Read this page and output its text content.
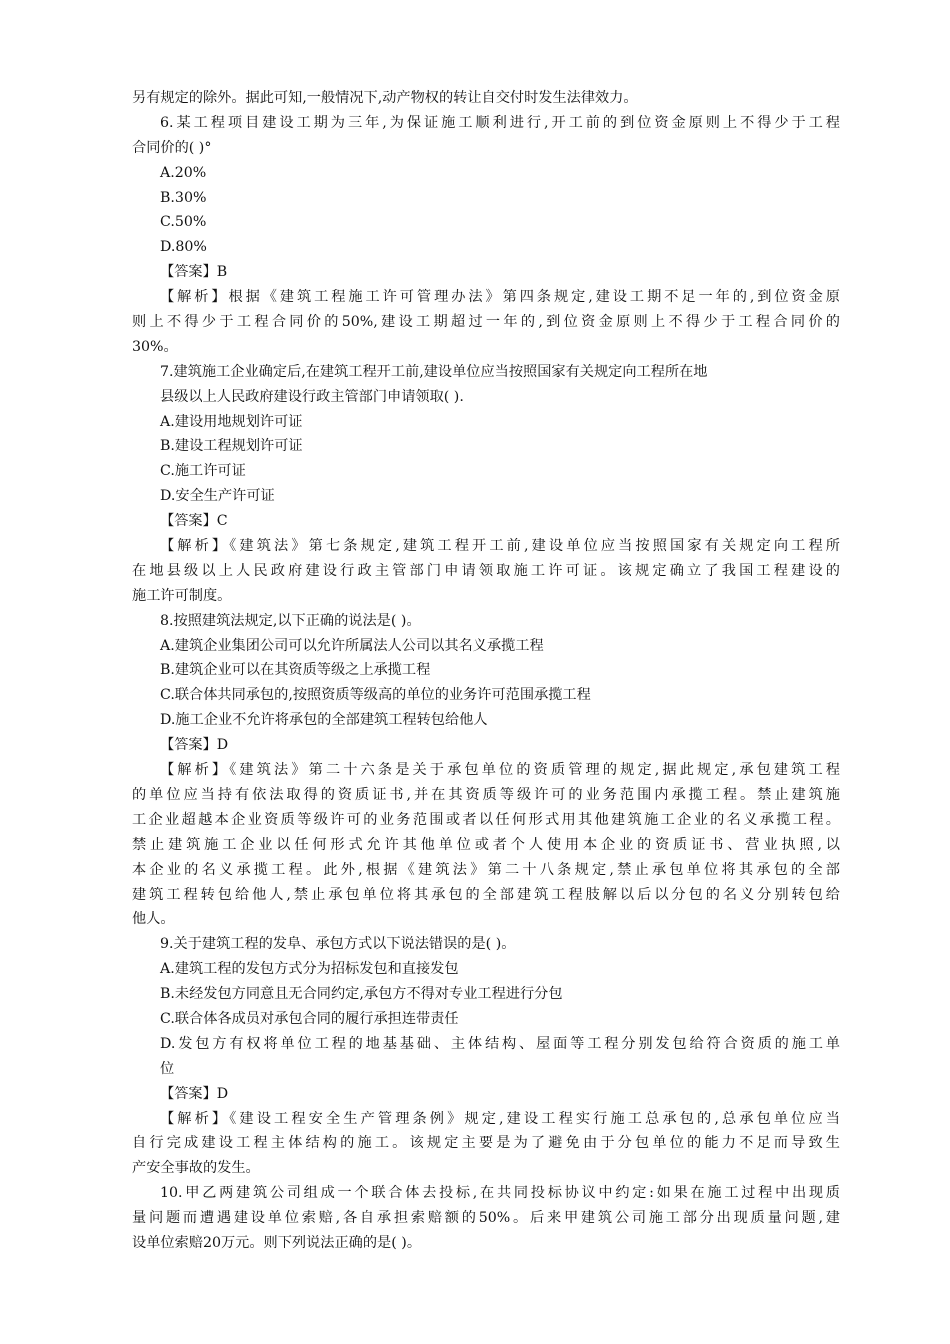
另有规定的除外。据此可知,一般情况下,动产物权的转让自交付时发生法律效力。
6.某工程项目建设工期为三年,为保证施工顺利进行,开工前的到位资金原则上不得少于工程
合同价的( )°
A.20%
B.30%
C.50%
D.80%
【答案】B
【解析】根据《建筑工程施工许可管理办法》第四条规定,建设工期不足一年的,到位资金原
则上不得少于工程合同价的50%,建设工期超过一年的,到位资金原则上不得少于工程合同价的
30%。
7.建筑施工企业确定后,在建筑工程开工前,建设单位应当按照国家有关规定向工程所在地
县级以上人民政府建设行政主管部门申请领取( ).
A.建设用地规划许可证
B.建设工程规划许可证
C.施工许可证
D.安全生产许可证
【答案】C
【解析】《建筑法》第七条规定,建筑工程开工前,建设单位应当按照国家有关规定向工程所
在地县级以上人民政府建设行政主管部门申请领取施工许可证。该规定确立了我国工程建设的
施工许可制度。
8.按照建筑法规定,以下正确的说法是( )。
A.建筑企业集团公司可以允许所属法人公司以其名义承揽工程
B.建筑企业可以在其资质等级之上承揽工程
C.联合体共同承包的,按照资质等级高的单位的业务许可范围承揽工程
D.施工企业不允许将承包的全部建筑工程转包给他人
【答案】D
【解析】《建筑法》第二十六条是关于承包单位的资质管理的规定,据此规定,承包建筑工程
的单位应当持有依法取得的资质证书,并在其资质等级许可的业务范围内承揽工程。禁止建筑施
工企业超越本企业资质等级许可的业务范围或者以任何形式用其他建筑施工企业的名义承揽工程。
禁止建筑施工企业以任何形式允许其他单位或者个人使用本企业的资质证书、营业执照,以
本企业的名义承揽工程。此外,根据《建筑法》第二十八条规定,禁止承包单位将其承包的全部
建筑工程转包给他人,禁止承包单位将其承包的全部建筑工程肢解以后以分包的名义分别转包给
他人。
9.关于建筑工程的发阜、承包方式以下说法错误的是( )。
A.建筑工程的发包方式分为招标发包和直接发包
B.未经发包方同意且无合同约定,承包方不得对专业工程进行分包
C.联合体各成员对承包合同的履行承担连带责任
D.发包方有权将单位工程的地基基础、主体结构、屋面等工程分别发包给符合资质的施工单
位
【答案】D
【解析】《建设工程安全生产管理条例》规定,建设工程实行施工总承包的,总承包单位应当
自行完成建设工程主体结构的施工。该规定主要是为了避免由于分包单位的能力不足而导致生
产安全事故的发生。
10.甲乙两建筑公司组成一个联合体去投标,在共同投标协议中约定:如果在施工过程中出现质
量问题而遭遇建设单位索赔,各自承担索赔额的50%。后来甲建筑公司施工部分出现质量问题,建
设单位索赔20万元。则下列说法正确的是( )。
